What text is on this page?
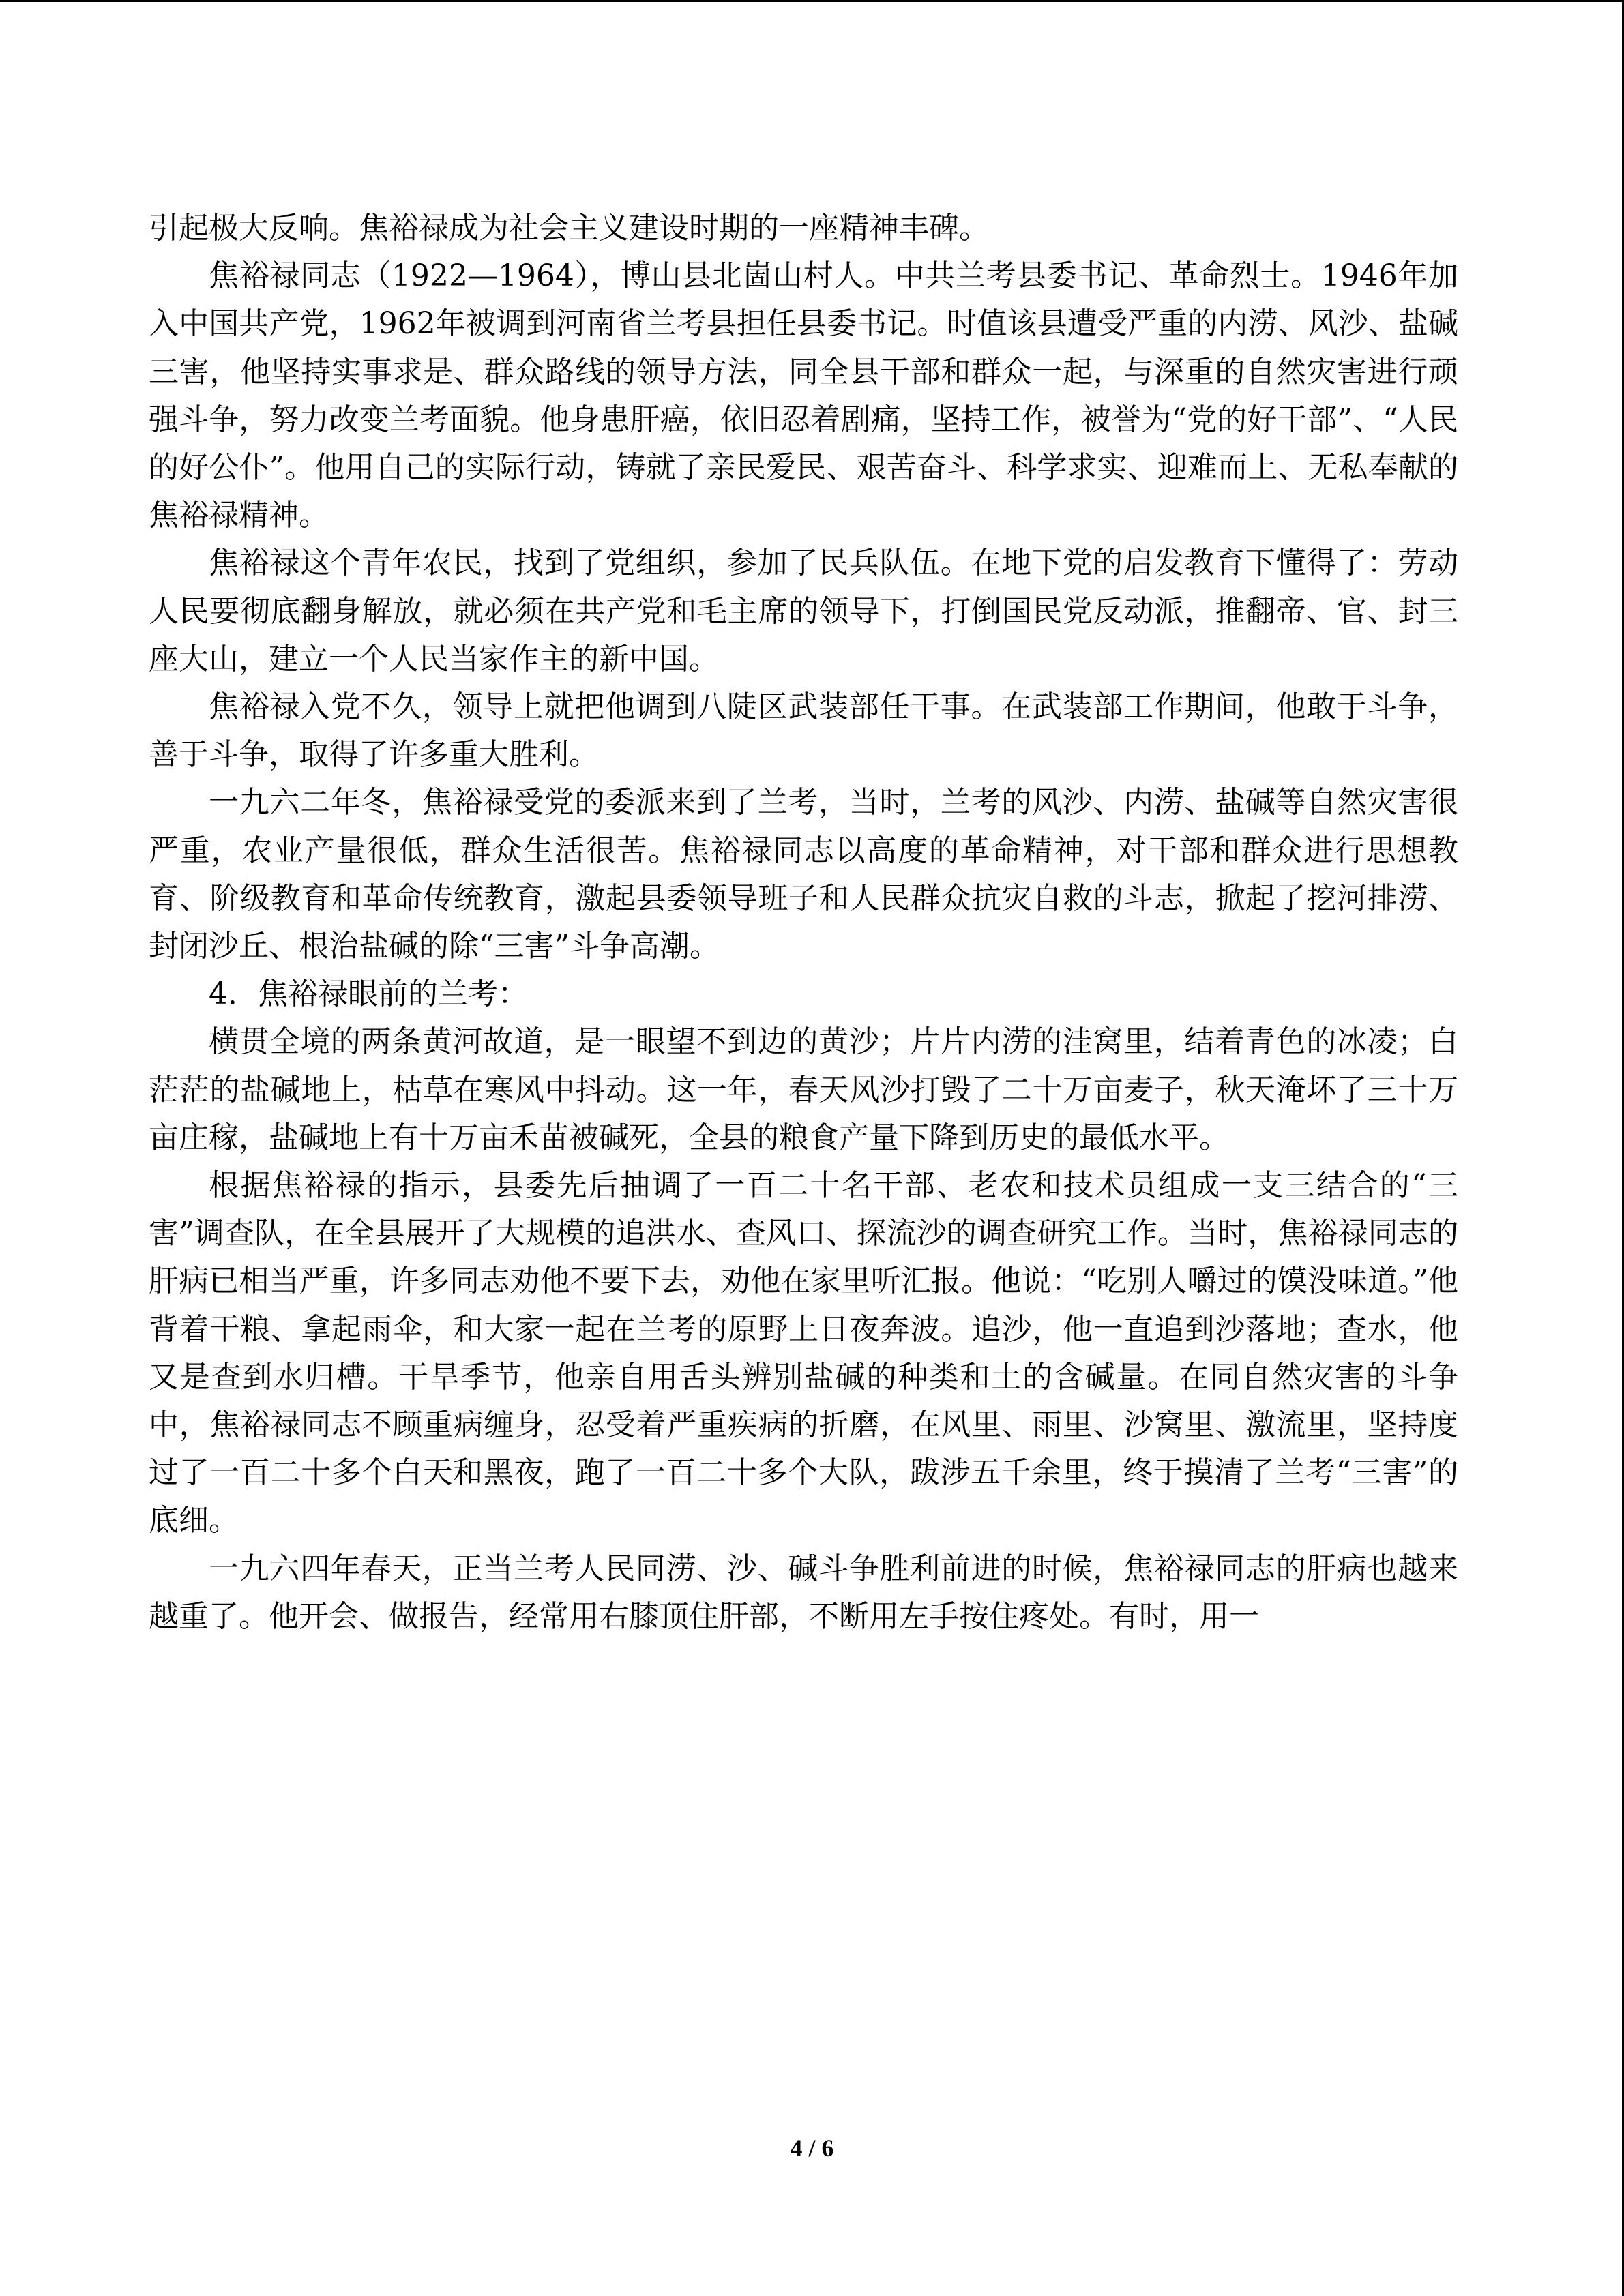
引起极大反响。焦裕禄成为社会主义建设时期的一座精神丰碑。

焦裕禄同志（1922—1964），博山县北崮山村人。中共兰考县委书记、革命烈士。1946年加入中国共产党，1962年被调到河南省兰考县担任县委书记。时值该县遭受严重的内涝、风沙、盐碱三害，他坚持实事求是、群众路线的领导方法，同全县干部和群众一起，与深重的自然灾害进行顽强斗争，努力改变兰考面貌。他身患肝癌，依旧忍着剧痛，坚持工作，被誉为“党的好干部”、“人民的好公仆”。他用自己的实际行动，铸就了亲民爱民、艰苦奋斗、科学求实、迎难而上、无私奉献的焦裕禄精神。

焦裕禄这个青年农民，找到了党组织，参加了民兵队伍。在地下党的启发教育下懂得了：劳动人民要彻底翻身解放，就必须在共产党和毛主席的领导下，打倒国民党反动派，推翻帝、官、封三座大山，建立一个人民当家作主的新中国。

焦裕禄入党不久，领导上就把他调到八陡区武装部任干事。在武装部工作期间，他敢于斗争，善于斗争，取得了许多重大胜利。

一九六二年冬，焦裕禄受党的委派来到了兰考，当时，兰考的风沙、内涝、盐碱等自然灾害很严重，农业产量很低，群众生活很苦。焦裕禄同志以高度的革命精神，对干部和群众进行思想教育、阶级教育和革命传统教育，激起县委领导班子和人民群众抗灾自救的斗志，掀起了挖河排涝、封闭沙丘、根治盐碱的除“三害”斗争高潮。

4．焦裕禄眼前的兰考：

横贯全境的两条黄河故道，是一眼望不到边的黄沙；片片内涝的洼窝里，结着青色的冰凌；白茫茫的盐碱地上，枯草在寒风中抖动。这一年，春天风沙打毁了二十万亩麦子，秋天淹坏了三十万亩庄稼，盐碱地上有十万亩禾苗被碱死，全县的粮食产量下降到历史的最低水平。

根据焦裕禄的指示，县委先后抽调了一百二十名干部、老农和技术员组成一支三结合的“三害”调查队，在全县展开了大规模的追洪水、查风口、探流沙的调查研究工作。当时，焦裕禄同志的肝病已相当严重，许多同志劝他不要下去，劝他在家里听汇报。他说：“吃别人嚼过的馍没味道。”他背着干粮、拿起雨伞，和大家一起在兰考的原野上日夜奔波。追沙，他一直追到沙落地；查水，他又是查到水归槽。干旱季节，他亲自用舌头辨别盐碱的种类和土的含碱量。在同自然灾害的斗争中，焦裕禄同志不顾重病缠身，忍受着严重疾病的折磨，在风里、雨里、沙窝里、激流里，坚持度过了一百二十多个白天和黑夜，跑了一百二十多个大队，跋涉五千余里，终于摸清了兰考“三害”的底细。

一九六四年春天，正当兰考人民同涝、沙、碱斗争胜利前进的时候，焦裕禄同志的肝病也越来越重了。他开会、做报告，经常用右膝顶住肝部，不断用左手按住疼处。有时，用一

4 / 6
